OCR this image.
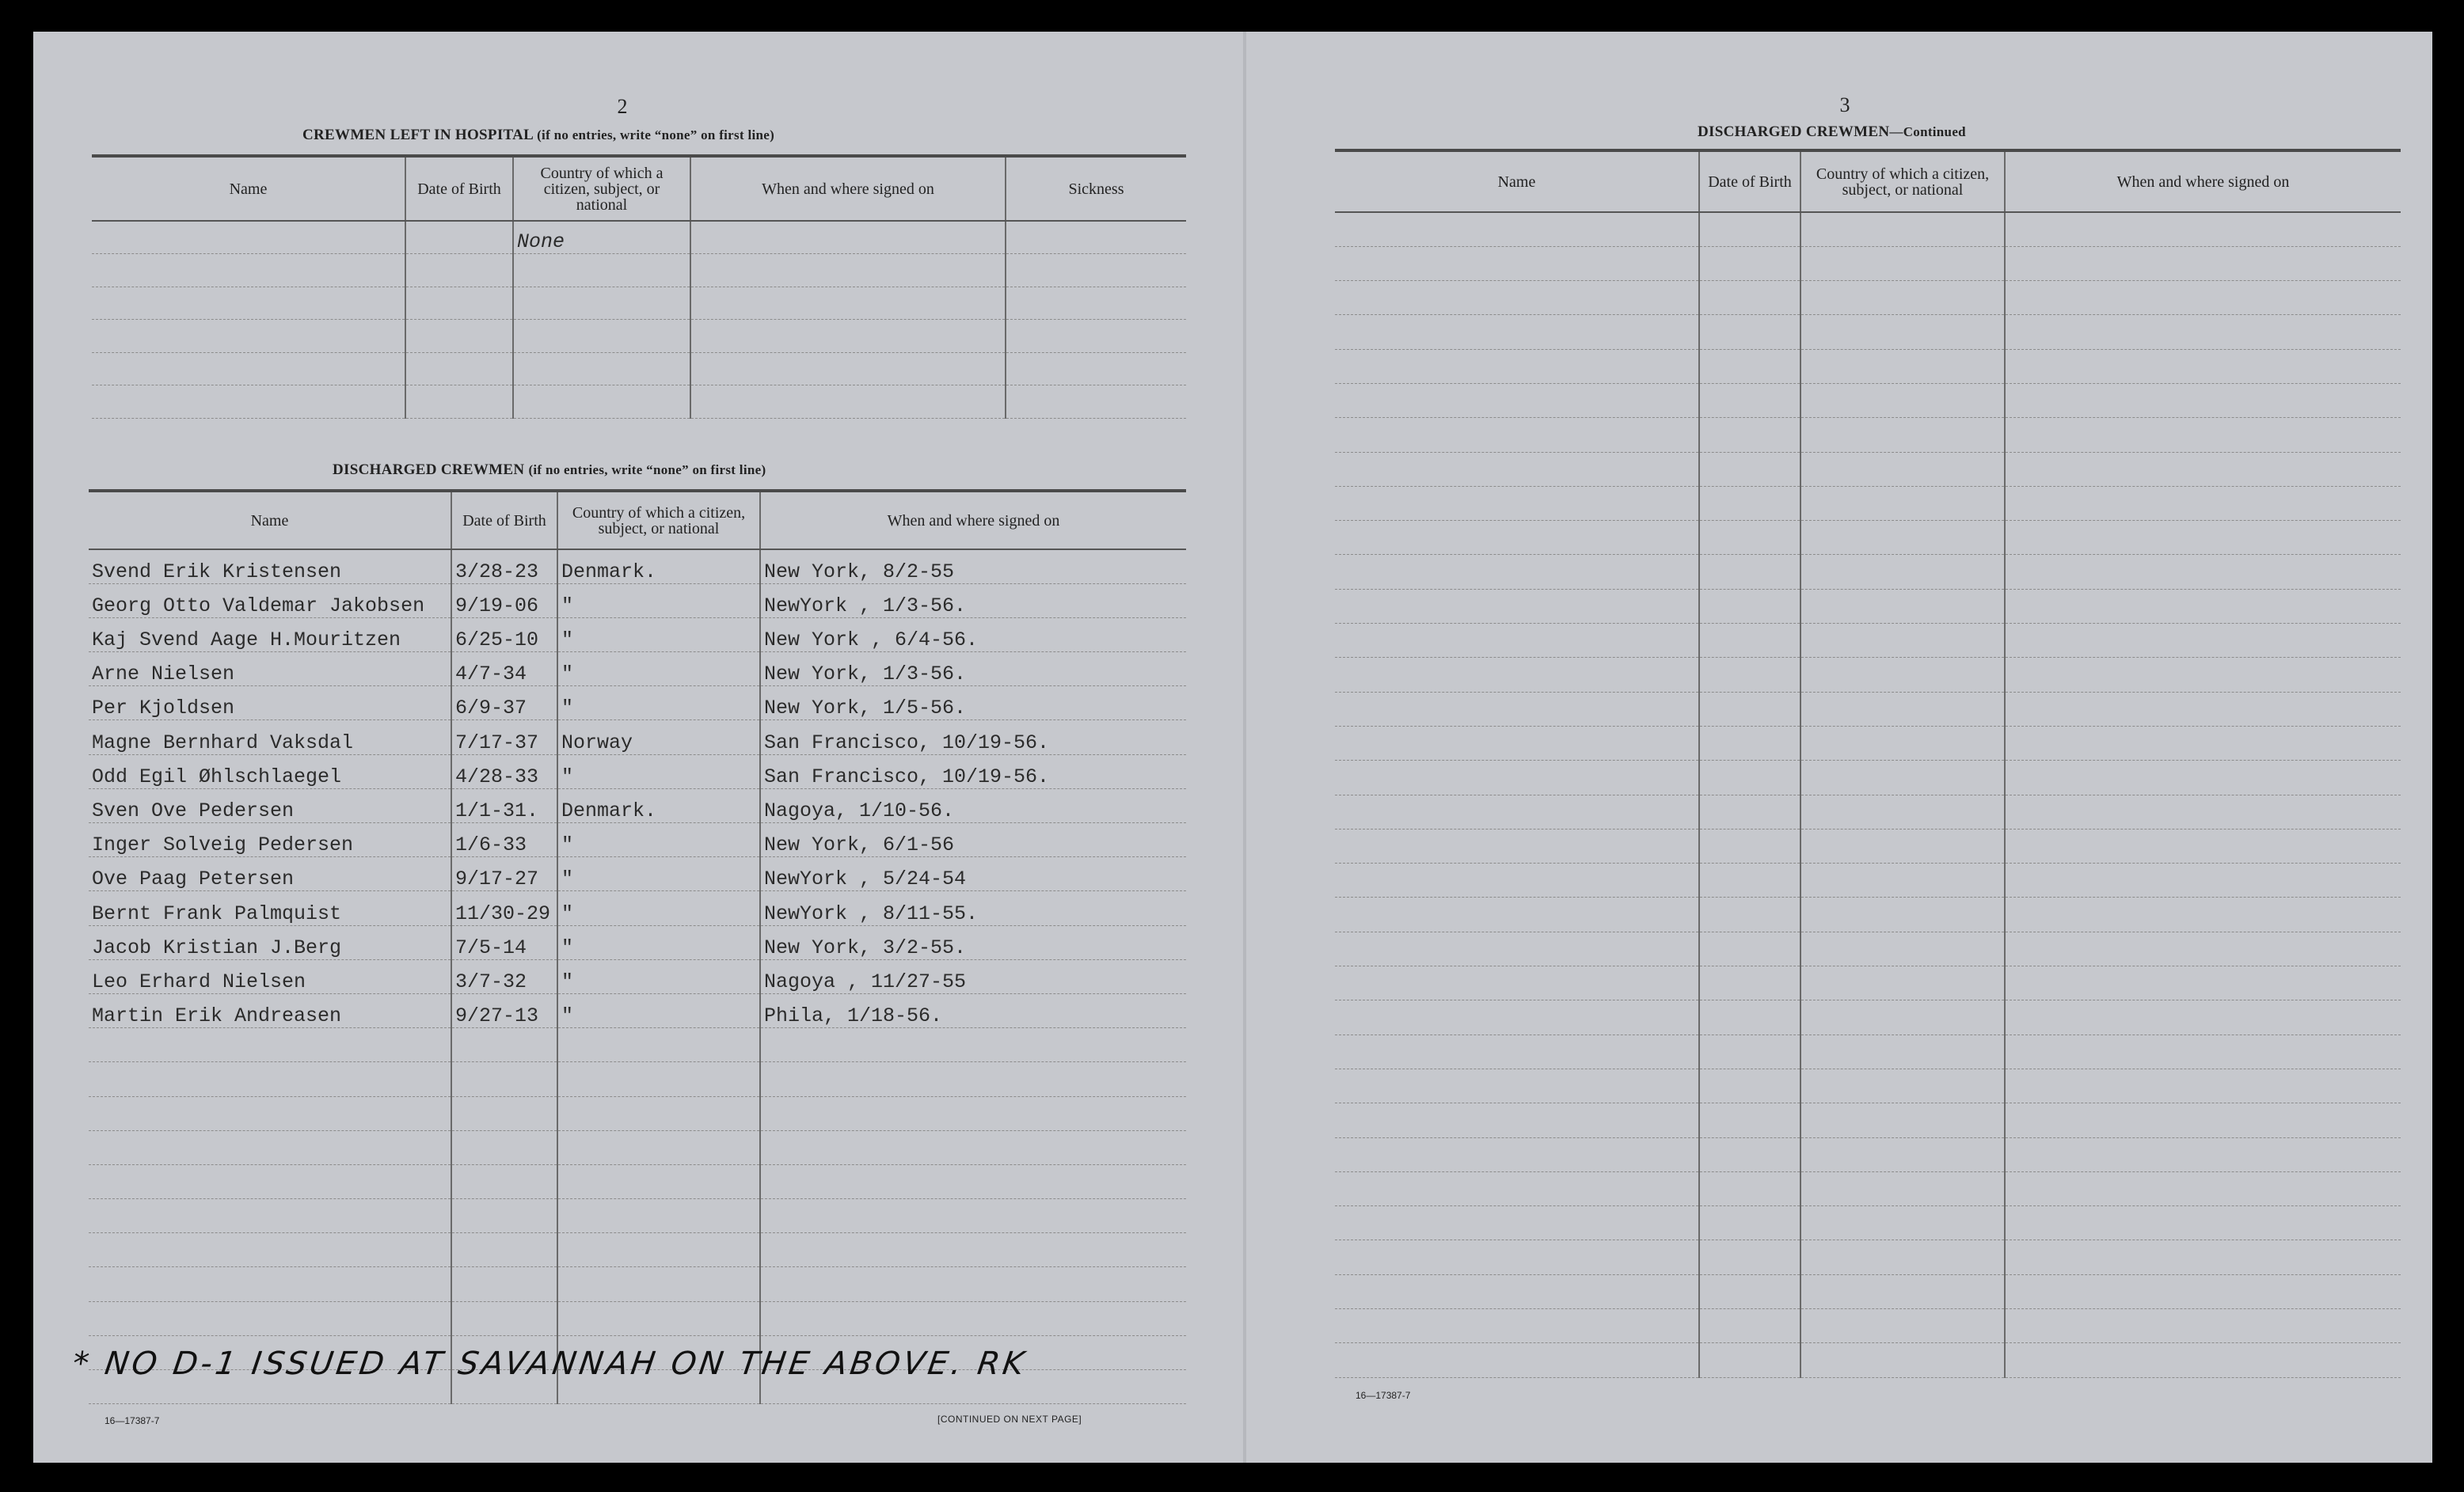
2
CREWMEN LEFT IN HOSPITAL (if no entries, write “none” on first line)
Name	Date of Birth	Country of which a citizen, subject, or national	When and where signed on	Sickness
		None		

DISCHARGED CREWMEN (if no entries, write “none” on first line)
Name	Date of Birth	Country of which a citizen, subject, or national	When and where signed on
Svend Erik Kristensen	3/28-23	Denmark.	New York, 8/2-55
Georg Otto Valdemar Jakobsen	9/19-06	"	NewYork , 1/3-56.
Kaj Svend Aage H.Mouritzen	6/25-10	"	New York , 6/4-56.
Arne Nielsen	4/7-34	"	New York, 1/3-56.
Per Kjoldsen	6/9-37	"	New York, 1/5-56.
Magne Bernhard Vaksdal	7/17-37	Norway	San Francisco, 10/19-56.
Odd Egil Øhlschlaegel	4/28-33	"	San Francisco, 10/19-56.
Sven Ove Pedersen	1/1-31.	Denmark.	Nagoya, 1/10-56.
Inger Solveig Pedersen	1/6-33	"	New York, 6/1-56
Ove Paag Petersen	9/17-27	"	NewYork , 5/24-54
Bernt Frank Palmquist	11/30-29	"	NewYork , 8/11-55.
Jacob Kristian J.Berg	7/5-14	"	New York, 3/2-55.
Leo Erhard Nielsen	3/7-32	"	Nagoya , 11/27-55
Martin Erik Andreasen	9/27-13	"	Phila, 1/18-56.

* NO D-1 ISSUED AT SAVANNAH ON THE ABOVE. RK
16—17387-7	[CONTINUED ON NEXT PAGE]
3
DISCHARGED CREWMEN—Continued
Name	Date of Birth	Country of which a citizen, subject, or national	When and where signed on

16—17387-7
